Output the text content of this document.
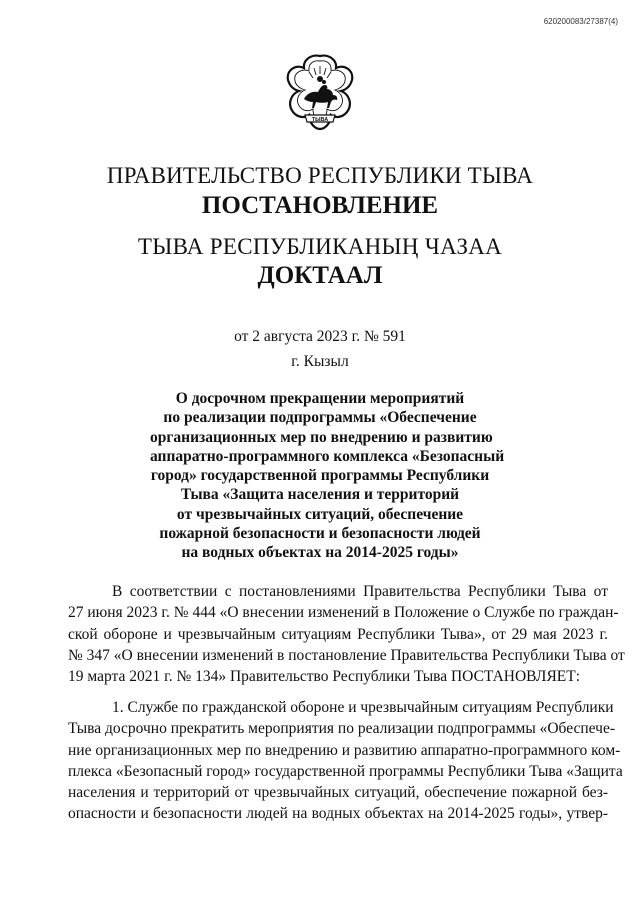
620200083/27387(4)
ТЫВА
ПРАВИТЕЛЬСТВО РЕСПУБЛИКИ ТЫВА
ПОСТАНОВЛЕНИЕ
ТЫВА РЕСПУБЛИКАНЫҢ ЧАЗАА
ДОКТААЛ
от 2 августа 2023 г. № 591
г. Кызыл
О досрочном прекращении мероприятий
по реализации подпрограммы «Обеспечение
организационных мер по внедрению и развитию
аппаратно-программного комплекса «Безопасный
город» государственной программы Республики
Тыва «Защита населения и территорий
от чрезвычайных ситуаций, обеспечение
пожарной безопасности и безопасности людей
на водных объектах на 2014-2025 годы»
В соответствии с постановлениями Правительства Республики Тыва от
27 июня 2023 г. № 444 «О внесении изменений в Положение о Службе по граждан-
ской обороне и чрезвычайным ситуациям Республики Тыва», от 29 мая 2023 г.
№ 347 «О внесении изменений в постановление Правительства Республики Тыва от
19 марта 2021 г. № 134» Правительство Республики Тыва ПОСТАНОВЛЯЕТ:
1. Службе по гражданской обороне и чрезвычайным ситуациям Республики
Тыва досрочно прекратить мероприятия по реализации подпрограммы «Обеспече-
ние организационных мер по внедрению и развитию аппаратно-программного ком-
плекса «Безопасный город» государственной программы Республики Тыва «Защита
населения и территорий от чрезвычайных ситуаций, обеспечение пожарной без-
опасности и безопасности людей на водных объектах на 2014-2025 годы», утвер-
